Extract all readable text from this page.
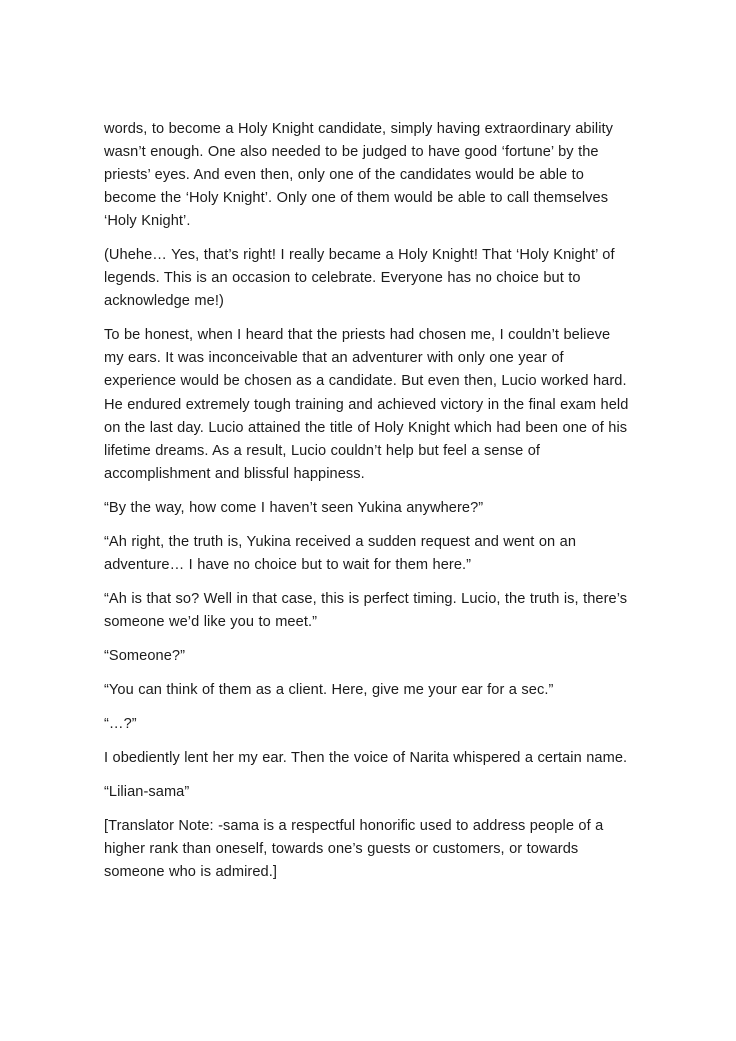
words, to become a Holy Knight candidate, simply having extraordinary ability wasn’t enough. One also needed to be judged to have good ‘fortune’ by the priests’ eyes. And even then, only one of the candidates would be able to become the ‘Holy Knight’. Only one of them would be able to call themselves ‘Holy Knight’.

(Uhehe… Yes, that’s right! I really became a Holy Knight! That ‘Holy Knight’ of legends. This is an occasion to celebrate. Everyone has no choice but to acknowledge me!)

To be honest, when I heard that the priests had chosen me, I couldn’t believe my ears. It was inconceivable that an adventurer with only one year of experience would be chosen as a candidate. But even then, Lucio worked hard. He endured extremely tough training and achieved victory in the final exam held on the last day. Lucio attained the title of Holy Knight which had been one of his lifetime dreams. As a result, Lucio couldn’t help but feel a sense of accomplishment and blissful happiness.

“By the way, how come I haven’t seen Yukina anywhere?”

“Ah right, the truth is, Yukina received a sudden request and went on an adventure… I have no choice but to wait for them here.”

“Ah is that so? Well in that case, this is perfect timing. Lucio, the truth is, there’s someone we’d like you to meet.”

“Someone?”

“You can think of them as a client. Here, give me your ear for a sec.”

“…?”

I obediently lent her my ear. Then the voice of Narita whispered a certain name.

“Lilian-sama”

[Translator Note: -sama is a respectful honorific used to address people of a higher rank than oneself, towards one’s guests or customers, or towards someone who is admired.]
